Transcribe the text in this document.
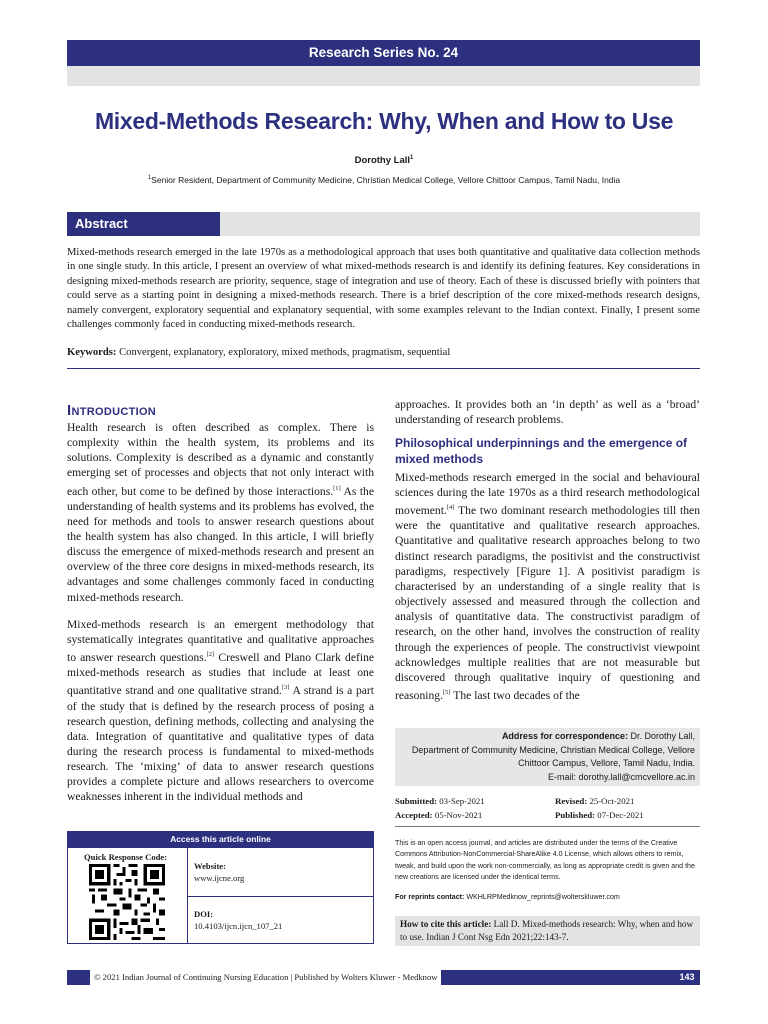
Research Series No. 24
Mixed-Methods Research: Why, When and How to Use
Dorothy Lall$^1$
$^1$Senior Resident, Department of Community Medicine, Christian Medical College, Vellore Chittoor Campus, Tamil Nadu, India
Abstract
Mixed-methods research emerged in the late 1970s as a methodological approach that uses both quantitative and qualitative data collection methods in one single study. In this article, I present an overview of what mixed-methods research is and identify its defining features. Key considerations in designing mixed-methods research are priority, sequence, stage of integration and use of theory. Each of these is discussed briefly with pointers that could serve as a starting point in designing a mixed-methods research. There is a brief description of the core mixed-methods research designs, namely convergent, exploratory sequential and explanatory sequential, with some examples relevant to the Indian context. Finally, I present some challenges commonly faced in conducting mixed-methods research.
Keywords: Convergent, explanatory, exploratory, mixed methods, pragmatism, sequential
INTRODUCTION
Health research is often described as complex. There is complexity within the health system, its problems and its solutions. Complexity is described as a dynamic and constantly emerging set of processes and objects that not only interact with each other, but come to be defined by those interactions.[1] As the understanding of health systems and its problems has evolved, the need for methods and tools to answer research questions about the health system has also changed. In this article, I will briefly discuss the emergence of mixed-methods research and present an overview of the three core designs in mixed-methods research, its advantages and some challenges commonly faced in conducting mixed-methods research.
Mixed-methods research is an emergent methodology that systematically integrates quantitative and qualitative approaches to answer research questions.[2] Creswell and Plano Clark define mixed-methods research as studies that include at least one quantitative strand and one qualitative strand.[3] A strand is a part of the study that is defined by the research process of posing a research question, defining methods, collecting and analysing the data. Integration of quantitative and qualitative types of data during the research process is fundamental to mixed-methods research. The ‘mixing’ of data to answer research questions provides a complete picture and allows researchers to overcome weaknesses inherent in the individual methods and
Access this article online
Quick Response Code:
Website:
www.ijcne.org
DOI:
10.4103/ijcn.ijcn_107_21
approaches. It provides both an ‘in depth’ as well as a ‘broad’ understanding of research problems.
Philosophical underpinnings and the emergence of mixed methods
Mixed-methods research emerged in the social and behavioural sciences during the late 1970s as a third research methodological movement.[4] The two dominant research methodologies till then were the quantitative and qualitative research approaches. Quantitative and qualitative research approaches belong to two distinct research paradigms, the positivist and the constructivist paradigms, respectively [Figure 1]. A positivist paradigm is characterised by an understanding of a single reality that is objectively assessed and measured through the collection and analysis of quantitative data. The constructivist paradigm of research, on the other hand, involves the construction of reality through the experiences of people. The constructivist viewpoint acknowledges multiple realities that are not measurable but discovered through qualitative inquiry of questioning and reasoning.[5] The last two decades of the
Address for correspondence: Dr. Dorothy Lall,
Department of Community Medicine, Christian Medical College, Vellore
Chittoor Campus, Vellore, Tamil Nadu, India.
E-mail: dorothy.lall@cmcvellore.ac.in
Submitted: 03-Sep-2021	Revised: 25-Oct-2021
Accepted: 05-Nov-2021	Published: 07-Dec-2021
This is an open access journal, and articles are distributed under the terms of the Creative Commons Attribution-NonCommercial-ShareAlike 4.0 License, which allows others to remix, tweak, and build upon the work non-commercially, as long as appropriate credit is given and the new creations are licensed under the identical terms.
For reprints contact: WKHLRPMedknow_reprints@wolterskluwer.com
How to cite this article: Lall D. Mixed-methods research: Why, when and how to use. Indian J Cont Nsg Edn 2021;22:143-7.
© 2021 Indian Journal of Continuing Nursing Education | Published by Wolters Kluwer - Medknow	143
